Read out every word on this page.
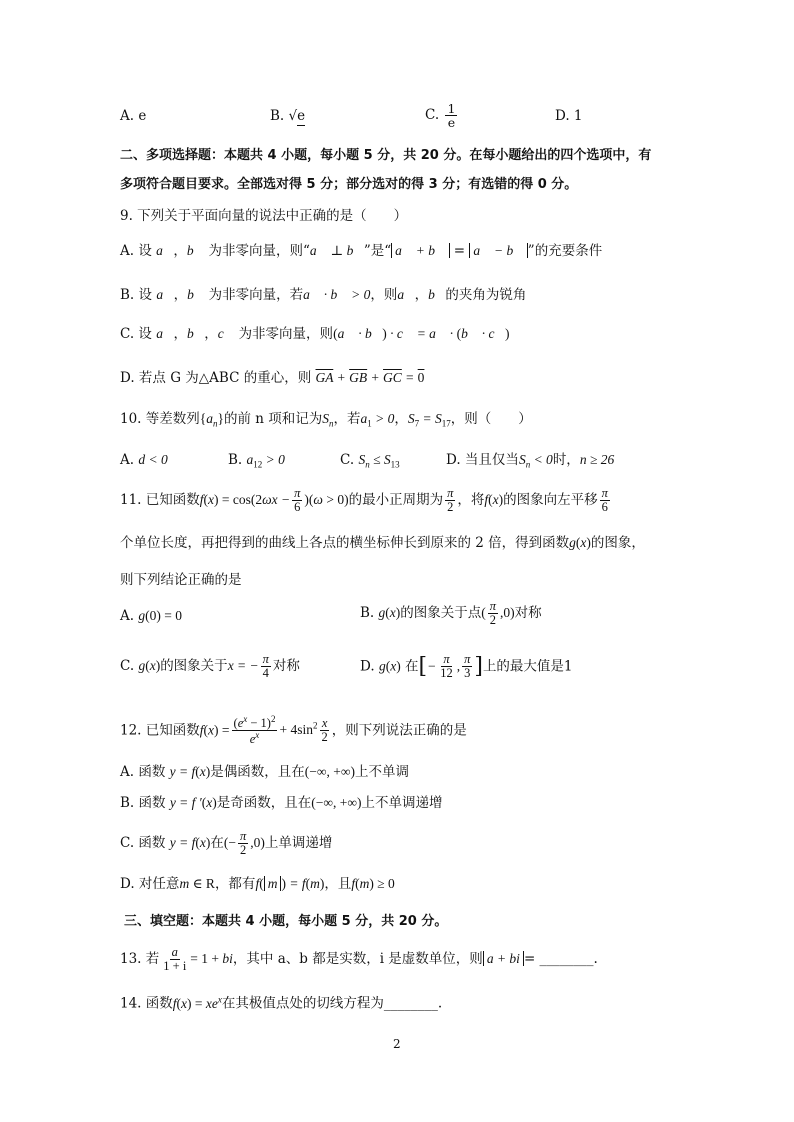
A. e	B. √e	C. $\frac{1}{e}$	D. 1
二、多项选择题：本题共 4 小题，每小题 5 分，共 20 分。在每小题给出的四个选项中，有
多项符合题目要求。全部选对得 5 分；部分选对的得 3 分；有选错的得 0 分。
9. 下列关于平面向量的说法中正确的是（　　）
A. 设 a⃗，b⃗ 为非零向量，则“a⃗ ⊥ b⃗”是“ a⃗ + b⃗ = a⃗ − b⃗ ”的充要条件
B. 设 a⃗，b⃗ 为非零向量，若a⃗ · b⃗ > 0，则a⃗，b⃗的夹角为锐角
C. 设 a⃗，b⃗，c⃗ 为非零向量，则(a⃗ · b⃗) · c⃗ = a⃗ · (b⃗ · c⃗)
D. 若点 G 为△ABC 的重心，则 $\overline{GA} + \overline{GB} + \overline{GC} = 0$
10. 等差数列$\{a_n\}$的前 n 项和记为$S_n$，若$a_1 > 0$，$S_7 = S_{17}$，则（　　）
A. d < 0	B. $a_{12} > 0$	C. $S_n \le S_{13}$	D. 当且仅当$S_n < 0$时，n ≥ 26
11. 已知函数$f(x) = \cos(2\omega x - \frac{\pi}{6} )(\omega > 0)$的最小正周期为 $\frac{\pi}{2}$ ，将f(x)的图象向左平移 $\frac{\pi}{6}$
个单位长度，再把得到的曲线上各点的横坐标伸长到原来的 2 倍，得到函数g(x)的图象，
则下列结论正确的是
A. g(0) = 0	B. g(x)的图象关于点( $\frac{\pi}{2} ,0$)对称
C. g(x)的图象关于x = − $\frac{\pi}{4}$ 对称	D. g(x) 在[− $\frac{\pi}{12}$ , $\frac{\pi}{3}$ ]上的最大值是1
12. 已知函数$f(x) = \frac{(e^x - 1)^2}{e^x} + 4\sin^2 \frac{x}{2}$ ，则下列说法正确的是
A. 函数 y = f(x)是偶函数，且在(−∞, +∞)上不单调
B. 函数 y = f ′(x)是奇函数，且在(−∞, +∞)上不单调递增
C. 函数 y = f(x)在(− $\frac{\pi}{2} ,0$)上单调递增
D. 对任意m ∈ R，都有f( m ) = f(m)，且f(m) ≥ 0
三、填空题：本题共 4 小题，每小题 5 分，共 20 分。
13. 若 $\frac{a}{1 + i} = 1$ + bi，其中 a、b 都是实数，i 是虚数单位，则 a + bi = ________.
14. 函数$f(x) = xe^x$在其极值点处的切线方程为________.
2
